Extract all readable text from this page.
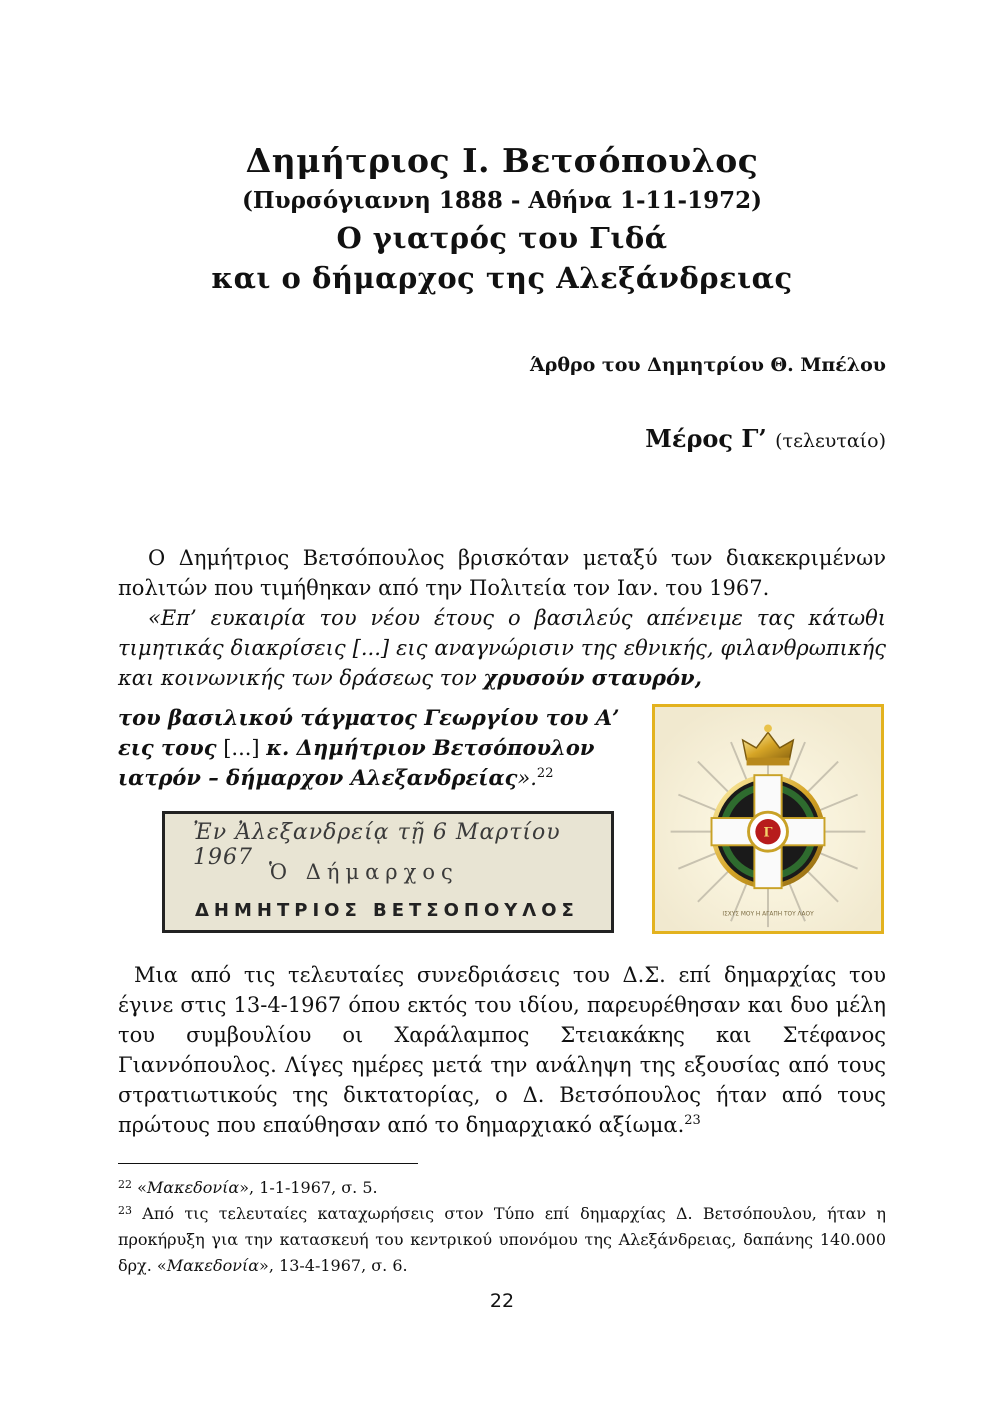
Δημήτριος Ι. Βετσόπουλος
(Πυρσόγιαννη 1888 - Αθήνα 1-11-1972)
Ο γιατρός του Γιδά
και ο δήμαρχος της Αλεξάνδρειας
Άρθρο του Δημητρίου Θ. Μπέλου
Μέρος Γ’ (τελευταίο)

Ο Δημήτριος Βετσόπουλος βρισκόταν μεταξύ των διακεκριμένων πολιτών που τιμήθηκαν από την Πολιτεία τον Ιαν. του 1967.

«Επ’ ευκαιρία του νέου έτους ο βασιλεύς απένειμε τας κάτωθι τιμητικάς διακρίσεις [...] εις αναγνώρισιν της εθνικής, φιλανθρωπικής και κοινωνικής των δράσεως τον χρυσούν σταυρόν,

του βασιλικού τάγματος Γεωργίου του Α’ εις τους [...] κ. Δημήτριον Βετσόπουλον ιατρόν – δήμαρχον Αλεξανδρείας».$^{22}$
Γ
ΙΣΧΥΣ ΜΟΥ Η ΑΓΑΠΗ ΤΟΥ ΛΑΟΥ
Ἐν Ἀλεξανδρείᾳ τῇ 6 Μαρτίου 1967
Ὁ Δήμαρχος
ΔΗΜΗΤΡΙΟΣ ΒΕΤΣΟΠΟΥΛΟΣ

Μια από τις τελευταίες συνεδριάσεις του Δ.Σ. επί δημαρχίας του έγινε στις 13-4-1967 όπου εκτός του ιδίου, παρευρέθησαν και δυο μέλη του συμβουλίου οι Χαράλαμπος Στειακάκης και Στέφανος Γιαννόπουλος. Λίγες ημέρες μετά την ανάληψη της εξουσίας από τους στρατιωτικούς της δικτατορίας, ο Δ. Βετσόπουλος ήταν από τους πρώτους που επαύθησαν από το δημαρχιακό αξίωμα.$^{23}$

$^{22}$ «Μακεδονία», 1-1-1967, σ. 5.

$^{23}$ Από τις τελευταίες καταχωρήσεις στον Τύπο επί δημαρχίας Δ. Βετσόπουλου, ήταν η προκήρυξη για την κατασκευή του κεντρικού υπονόμου της Αλεξάνδρειας, δαπάνης 140.000 δρχ. «Μακεδονία», 13-4-1967, σ. 6.

22
